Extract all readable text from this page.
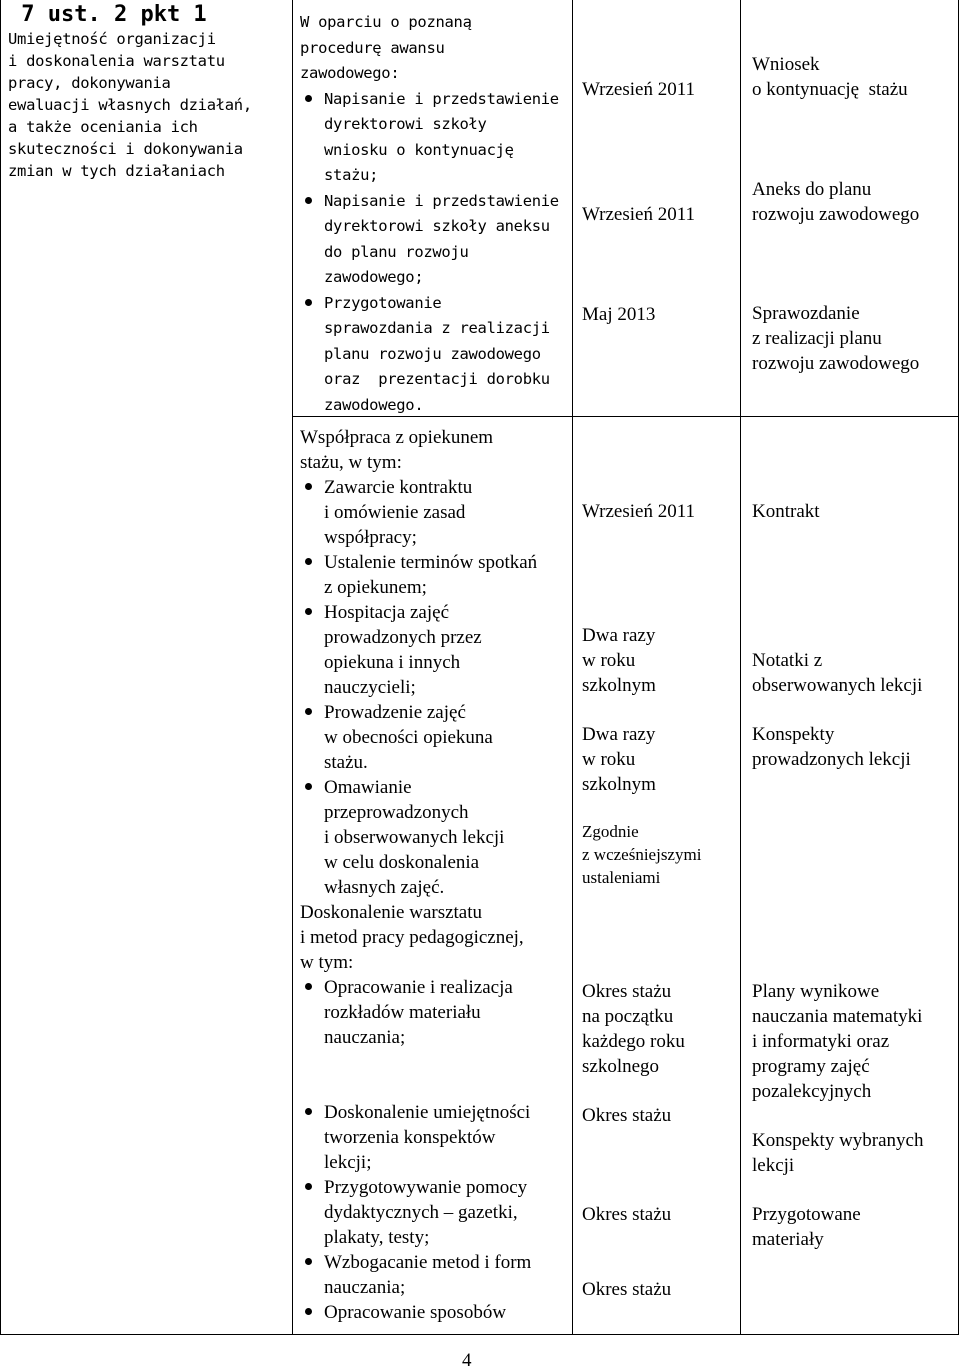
7 ust. 2 pkt 1
Umiejętność organizacji
i doskonalenia warsztatu
pracy, dokonywania
ewaluacji własnych działań,
a także oceniania ich
skuteczności i dokonywania
zmian w tych działaniach
W oparciu o poznaną
procedurę awansu
zawodowego:
Napisanie i przedstawienie
dyrektorowi szkoły
wniosku o kontynuację
stażu;
Napisanie i przedstawienie
dyrektorowi szkoły aneksu
do planu rozwoju
zawodowego;
Przygotowanie
sprawozdania z realizacji
planu rozwoju zawodowego
oraz  prezentacji dorobku
zawodowego.
Wrzesień 2011
Wrzesień 2011
Maj 2013
Wniosek
o kontynuację  stażu
Aneks do planu
rozwoju zawodowego
Sprawozdanie
z realizacji planu
rozwoju zawodowego
Współpraca z opiekunem
stażu, w tym:
Zawarcie kontraktu
i omówienie zasad
współpracy;
Ustalenie terminów spotkań
z opiekunem;
Hospitacja zajęć
prowadzonych przez
opiekuna i innych
nauczycieli;
Prowadzenie zajęć
w obecności opiekuna
stażu.
Omawianie
przeprowadzonych
i obserwowanych lekcji
w celu doskonalenia
własnych zajęć.
Doskonalenie warsztatu
i metod pracy pedagogicznej,
w tym:
Opracowanie i realizacja
rozkładów materiału
nauczania;
Doskonalenie umiejętności
tworzenia konspektów
lekcji;
Przygotowywanie pomocy
dydaktycznych – gazetki,
plakaty, testy;
Wzbogacanie metod i form
nauczania;
Opracowanie sposobów
Wrzesień 2011
Dwa razy
w roku
szkolnym
Dwa razy
w roku
szkolnym
Zgodnie
z wcześniejszymi
ustaleniami
Okres stażu
na początku
każdego roku
szkolnego
Okres stażu
Okres stażu
Okres stażu
Kontrakt
Notatki z
obserwowanych lekcji
Konspekty
prowadzonych lekcji
Plany wynikowe
nauczania matematyki
i informatyki oraz
programy zajęć
pozalekcyjnych
Konspekty wybranych
lekcji
Przygotowane
materiały
4
